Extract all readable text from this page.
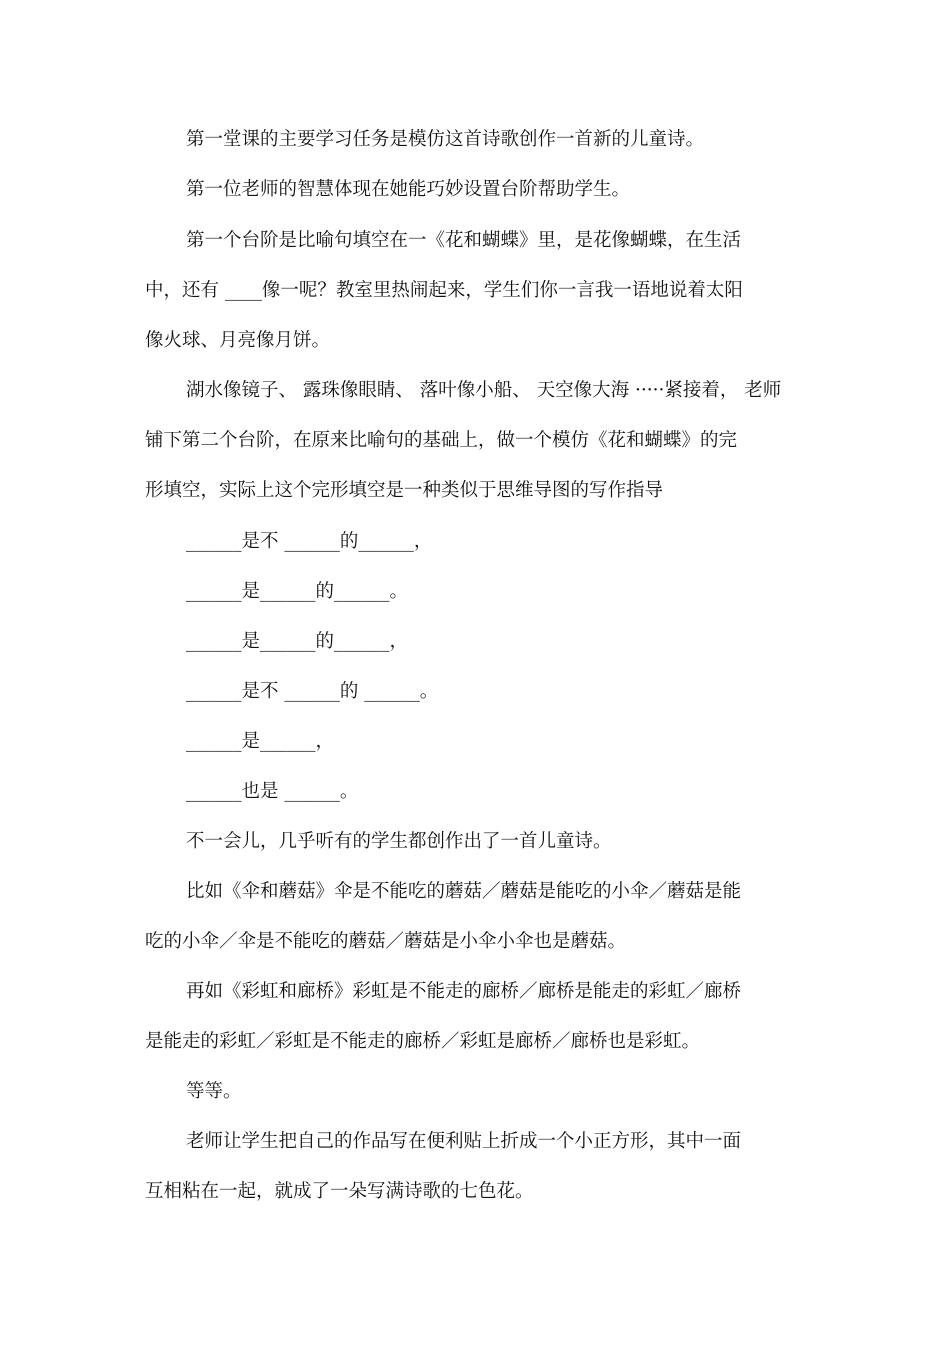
第一堂课的主要学习任务是模仿这首诗歌创作一首新的儿童诗。
第一位老师的智慧体现在她能巧妙设置台阶帮助学生。
第一个台阶是比喻句填空在一《花和蝴蝶》里，是花像蝴蝶，在生活
中，还有 ____像一呢？教室里热闹起来，学生们你一言我一语地说着太阳
像火球、月亮像月饼。
湖水像镜子、 露珠像眼睛、 落叶像小船、 天空像大海 ·····紧接着， 老师
铺下第二个台阶，在原来比喻句的基础上，做一个模仿《花和蝴蝶》的完
形填空，实际上这个完形填空是一种类似于思维导图的写作指导
______是不 ______的______，
______是______的______。
______是______的______，
______是不 ______的 ______。
______是______，
______也是 ______。
不一会儿，几乎听有的学生都创作出了一首儿童诗。
比如《伞和蘑菇》伞是不能吃的蘑菇／蘑菇是能吃的小伞／蘑菇是能
吃的小伞／伞是不能吃的蘑菇／蘑菇是小伞小伞也是蘑菇。
再如《彩虹和廊桥》彩虹是不能走的廊桥／廊桥是能走的彩虹／廊桥
是能走的彩虹／彩虹是不能走的廊桥／彩虹是廊桥／廊桥也是彩虹。
等等。
老师让学生把自己的作品写在便利贴上折成一个小正方形，其中一面
互相粘在一起，就成了一朵写满诗歌的七色花。
